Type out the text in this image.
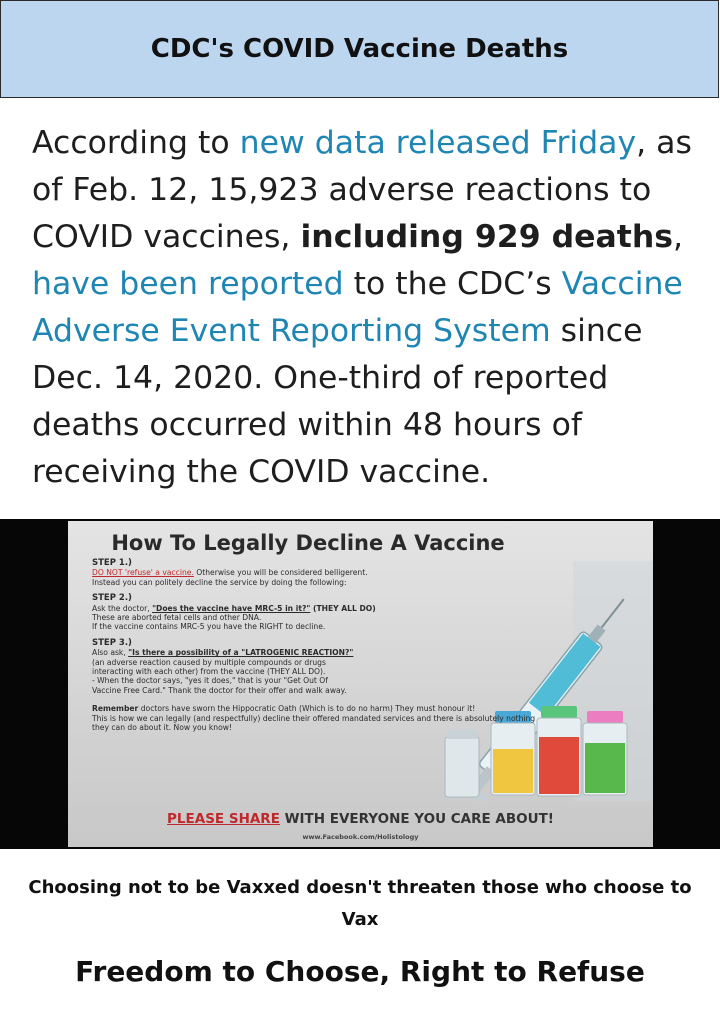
CDC's COVID Vaccine Deaths
According to new data released Friday, as of Feb. 12, 15,923 adverse reactions to COVID vaccines, including 929 deaths, have been reported to the CDC’s Vaccine Adverse Event Reporting System since Dec. 14, 2020. One-third of reported deaths occurred within 48 hours of receiving the COVID vaccine.
How To Legally Decline A Vaccine
STEP 1.)
DO NOT 'refuse' a vaccine. Otherwise you will be considered belligerent.
Instead you can politely decline the service by doing the following:
STEP 2.)
Ask the doctor, "Does the vaccine have MRC-5 in it?" (THEY ALL DO)
These are aborted fetal cells and other DNA.
If the vaccine contains MRC-5 you have the RIGHT to decline.
STEP 3.)
Also ask, "Is there a possibility of a "LATROGENIC REACTION?"
(an adverse reaction caused by multiple compounds or drugs
interacting with each other) from the vaccine (THEY ALL DO).
- When the doctor says, "yes it does," that is your "Get Out Of
Vaccine Free Card." Thank the doctor for their offer and walk away.
Remember doctors have sworn the Hippocratic Oath (Which is to do no harm) They must honour it!
This is how we can legally (and respectfully) decline their offered mandated services and there is absolutely nothing
they can do about it. Now you know!
PLEASE SHARE WITH EVERYONE YOU CARE ABOUT!
www.Facebook.com/Holistology
Choosing not to be Vaxxed doesn't threaten those who choose to Vax
Freedom to Choose, Right to Refuse
